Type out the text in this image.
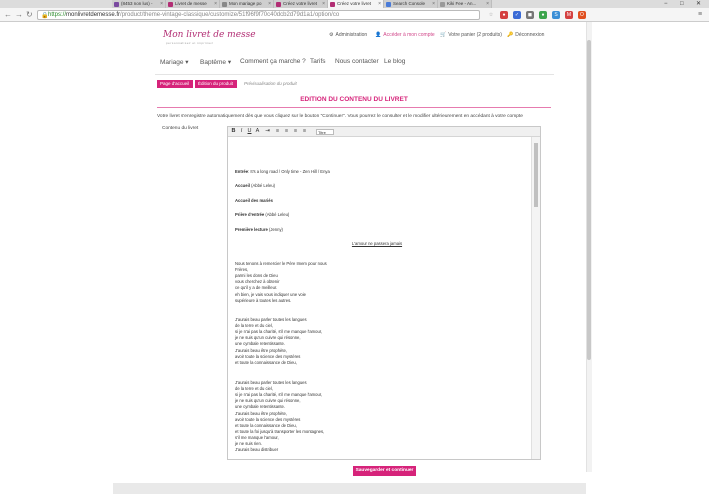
(8453 non lus) - ×	Livret de messe ×	Mon mariage po ×	Créez votre livret ×	Créez votre livret ×	Search Console ×	Kiki Fee - An... ×	− □ ✕
← → ↻ 🔒 https://monlivretdemesse.fr/product/theme-vintage-classique/customize/51f96f9f70c40dcb2d79d1a1/option/co	☆	●	✓	◼	●	S	M	O	≡
Mon livret de messe
personnalisez et imprimez
⚙ Administration 👤 Accéder à mon compte 🛒 Votre panier (2 produits) 🔑 Déconnexion
Mariage ▾ Baptême ▾ Comment ça marche ? Tarifs Nous contacter Le blog
Page d'accueil	Édition du produit	Prévisualisation du produit
EDITION DU CONTENU DU LIVRET
Votre livret s'enregistre automatiquement dès que vous cliquez sur le bouton "Continuer". Vous pourrez le consulter et le modifier ultérieurement en accédant à votre compte
Contenu du livret	B I U A	⇥	≡	≡	≡	≡	Titre
Entrée: It's a long road / Only time - Zen Hill / Enya
Accueil (Abbé Leleu)
Accueil des mariés
Prière d'entrée (Abbé Leleu)
Première lecture (Jenny)
L'amour ne passera jamais
Nous tenons à remercier le Père Imem pour nous
Frères,
parmi les dons de Dieu
vous cherchez à obtenir
ce qu'il y a de meilleur.
eh bien, je vais vous indiquer une voie
supérieure à toutes les autres.
J'aurais beau parler toutes les langues
de la terre et du ciel,
si je n'ai pas la charité, s'il me manque l'amour,
je ne suis qu'un cuivre qui résonne,
une cymbale retentissante.
J'aurais beau être prophète,
avoir toute la science des mystères
et toute la connaissance de Dieu,
J'aurais beau parler toutes les langues
de la terre et du ciel,
si je n'ai pas la charité, s'il me manque l'amour,
je ne suis qu'un cuivre qui résonne,
une cymbale retentissante.
J'aurais beau être prophète,
avoir toute la science des mystères
et toute la connaissance de Dieu,
et toute la foi jusqu'à transporter les montagnes,
s'il me manque l'amour,
je ne suis rien.
J'aurais beau distribuer
Sauvegarder et continuer
